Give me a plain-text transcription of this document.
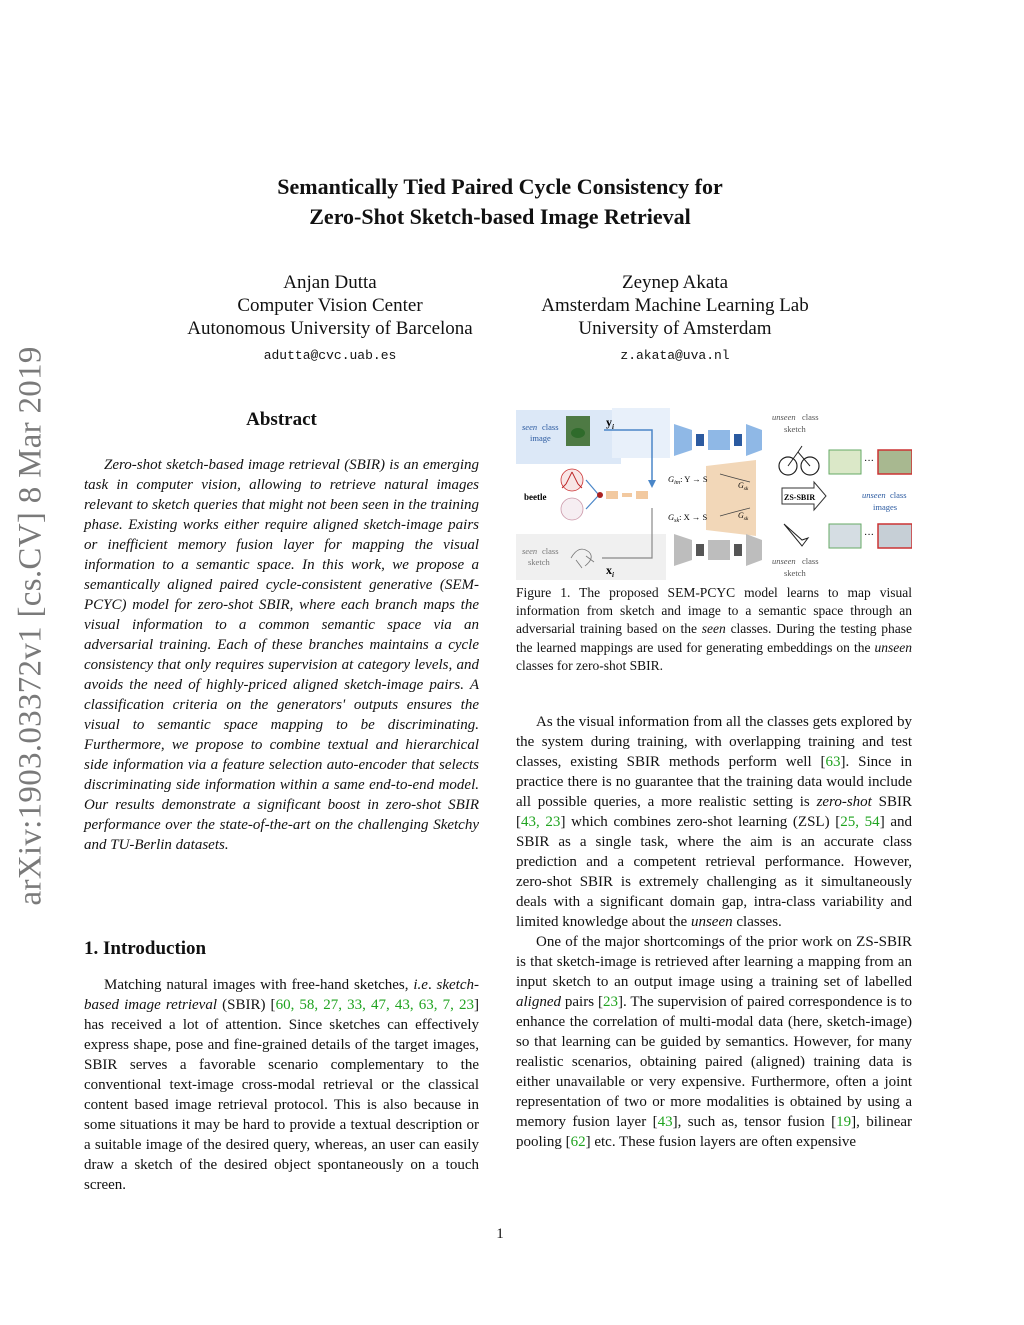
arXiv:1903.03372v1 [cs.CV] 8 Mar 2019
Semantically Tied Paired Cycle Consistency for
Zero-Shot Sketch-based Image Retrieval
Anjan Dutta
Computer Vision Center
Autonomous University of Barcelona
adutta@cvc.uab.es
Zeynep Akata
Amsterdam Machine Learning Lab
University of Amsterdam
z.akata@uva.nl
Abstract

Zero-shot sketch-based image retrieval (SBIR) is an emerging task in computer vision, allowing to retrieve natural images relevant to sketch queries that might not been seen in the training phase. Existing works either require aligned sketch-image pairs or inefficient memory fusion layer for mapping the visual information to a semantic space. In this work, we propose a semantically aligned paired cycle-consistent generative (SEM-PCYC) model for zero-shot SBIR, where each branch maps the visual information to a common semantic space via an adversarial training. Each of these branches maintains a cycle consistency that only requires supervision at category levels, and avoids the need of highly-priced aligned sketch-image pairs. A classification criteria on the generators' outputs ensures the visual to semantic space mapping to be discriminating. Furthermore, we propose to combine textual and hierarchical side information via a feature selection auto-encoder that selects discriminating side information within a same end-to-end model. Our results demonstrate a significant boost in zero-shot SBIR performance over the state-of-the-art on the challenging Sketchy and TU-Berlin datasets.

1. Introduction

Matching natural images with free-hand sketches, i.e. sketch-based image retrieval (SBIR) [60, 58, 27, 33, 47, 43, 63, 7, 23] has received a lot of attention. Since sketches can effectively express shape, pose and fine-grained details of the target images, SBIR serves a favorable scenario complementary to the conventional text-image cross-modal retrieval or the classical content based image retrieval protocol. This is also because in some situations it may be hard to provide a textual description or a suitable image of the desired query, whereas, an user can easily draw a sketch of the desired object spontaneously on a touch screen.

seen class
image
$y_i$
seen class
sketch
$x_i$
beetle
$G_{im}$: Y → S
$G_{sk}$: X → S
$G_{sk}$
$G_{sk}$
ZS-SBIR
unseen class
sketch
···
unseen class
images
···
unseen class
sketch
Figure 1. The proposed SEM-PCYC model learns to map visual information from sketch and image to a semantic space through an adversarial training based on the seen classes. During the testing phase the learned mappings are used for generating embeddings on the unseen classes for zero-shot SBIR.

As the visual information from all the classes gets explored by the system during training, with overlapping training and test classes, existing SBIR methods perform well [63]. Since in practice there is no guarantee that the training data would include all possible queries, a more realistic setting is zero-shot SBIR [43, 23] which combines zero-shot learning (ZSL) [25, 54] and SBIR as a single task, where the aim is an accurate class prediction and a competent retrieval performance. However, zero-shot SBIR is extremely challenging as it simultaneously deals with a significant domain gap, intra-class variability and limited knowledge about the unseen classes.

One of the major shortcomings of the prior work on ZS-SBIR is that sketch-image is retrieved after learning a mapping from an input sketch to an output image using a training set of labelled aligned pairs [23]. The supervision of paired correspondence is to enhance the correlation of multi-modal data (here, sketch-image) so that learning can be guided by semantics. However, for many realistic scenarios, obtaining paired (aligned) training data is either unavailable or very expensive. Furthermore, often a joint representation of two or more modalities is obtained by using a memory fusion layer [43], such as, tensor fusion [19], bilinear pooling [62] etc. These fusion layers are often expensive

1
